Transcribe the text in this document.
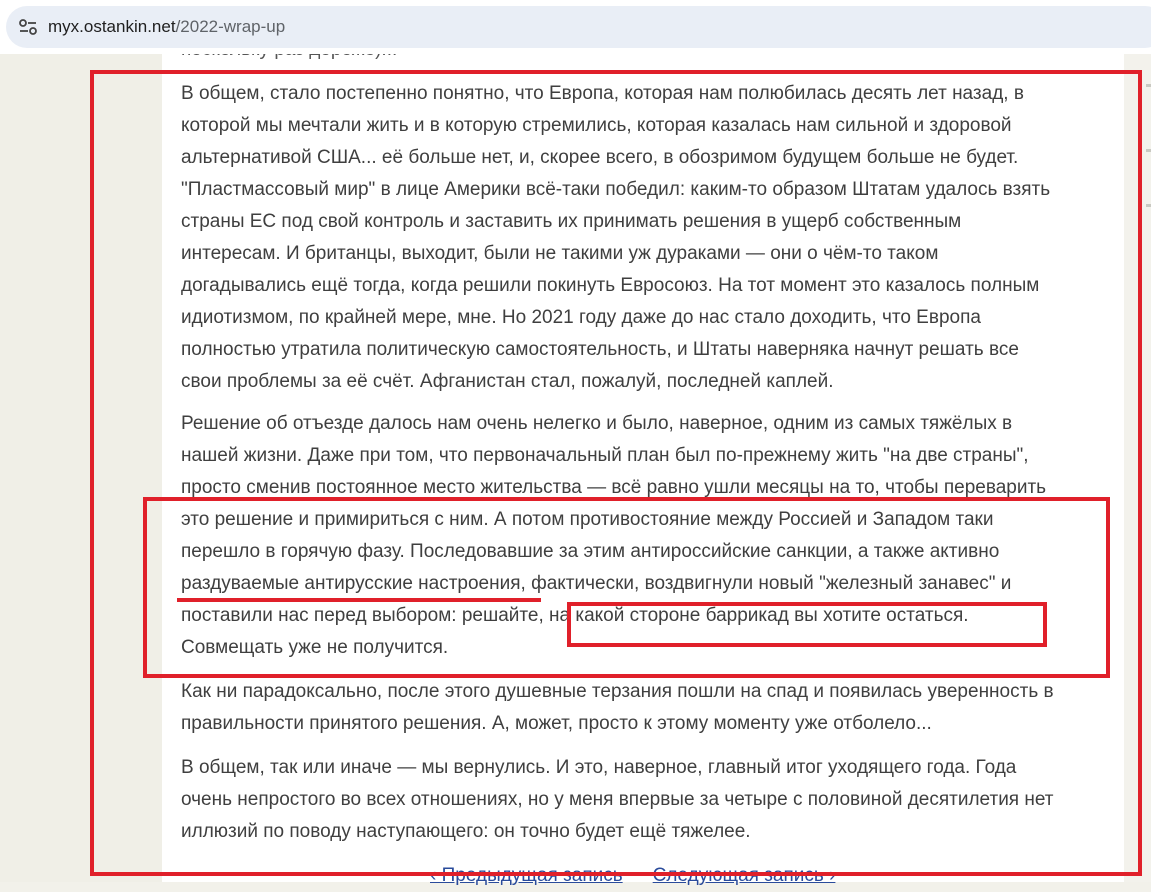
myx.ostankin.net/2022-wrap-up

В общем, стало постепенно понятно, что Европа, которая нам полюбилась десять лет назад, в
которой мы мечтали жить и в которую стремились, которая казалась нам сильной и здоровой
альтернативой США... её больше нет, и, скорее всего, в обозримом будущем больше не будет.
"Пластмассовый мир" в лице Америки всё-таки победил: каким-то образом Штатам удалось взять
страны ЕС под свой контроль и заставить их принимать решения в ущерб собственным
интересам. И британцы, выходит, были не такими уж дураками — они о чём-то таком
догадывались ещё тогда, когда решили покинуть Евросоюз. На тот момент это казалось полным
идиотизмом, по крайней мере, мне. Но 2021 году даже до нас стало доходить, что Европа
полностью утратила политическую самостоятельность, и Штаты наверняка начнут решать все
свои проблемы за её счёт. Афганистан стал, пожалуй, последней каплей.

Решение об отъезде далось нам очень нелегко и было, наверное, одним из самых тяжёлых в
нашей жизни. Даже при том, что первоначальный план был по-прежнему жить "на две страны",
просто сменив постоянное место жительства — всё равно ушли месяцы на то, чтобы переварить
это решение и примириться с ним. А потом противостояние между Россией и Западом таки
перешло в горячую фазу. Последовавшие за этим антироссийские санкции, а также активно
раздуваемые антирусские настроения, фактически, воздвигнули новый "железный занавес" и
поставили нас перед выбором: решайте, на какой стороне баррикад вы хотите остаться.
Совмещать уже не получится.

Как ни парадоксально, после этого душевные терзания пошли на спад и появилась уверенность в
правильности принятого решения. А, может, просто к этому моменту уже отболело...

В общем, так или иначе — мы вернулись. И это, наверное, главный итог уходящего года. Года
очень непростого во всех отношениях, но у меня впервые за четыре с половиной десятилетия нет
иллюзий по поводу наступающего: он точно будет ещё тяжелее.

‹ Предыдущая запись Следующая запись ›
